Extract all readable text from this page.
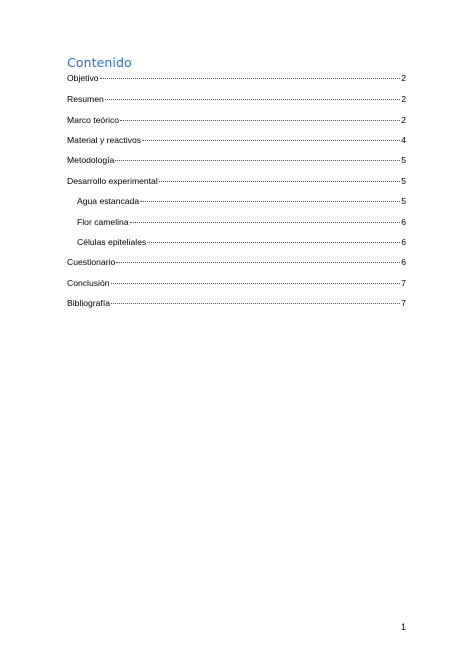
Contenido
Objetivo	2
Resumen	2
Marco teórico	2
Material y reactivos	4
Metodología	5
Desarrollo experimental	5
Agua estancada	5
Flor camelina	6
Células epiteliales	6
Cuestionario	6
Conclusión	7
Bibliografía	7
1
